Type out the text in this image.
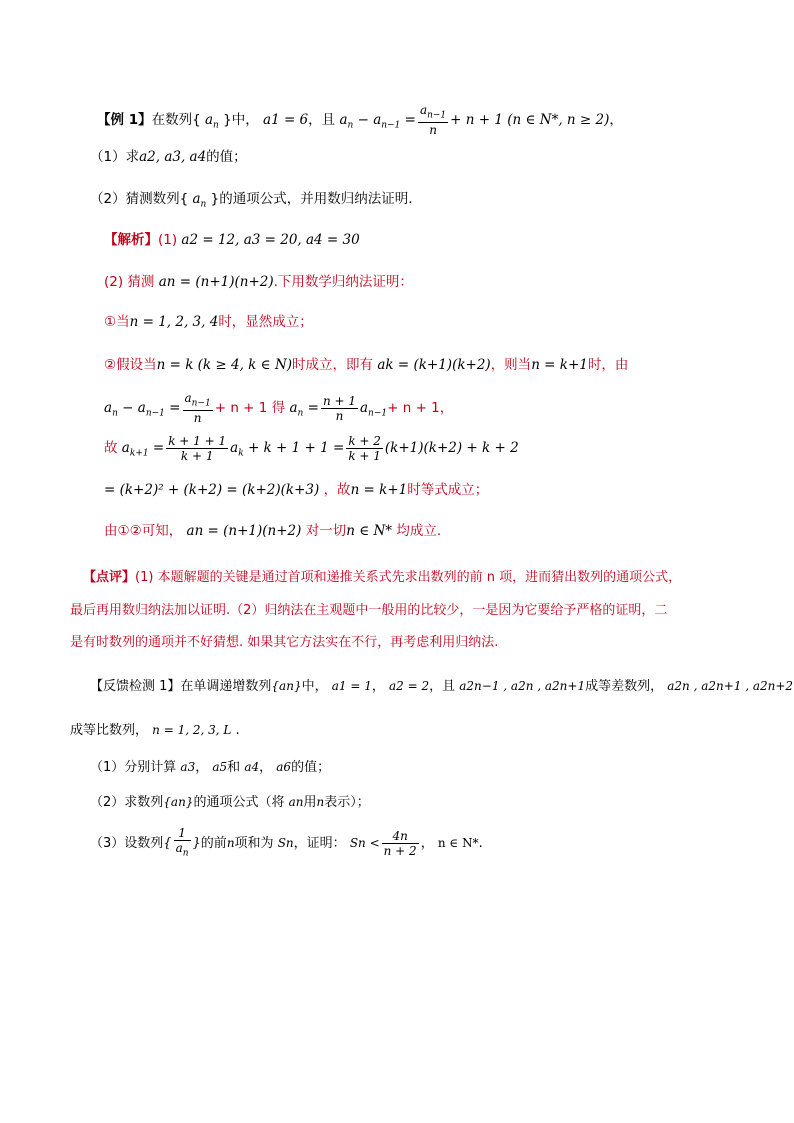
【例 1】在数列{ $a_n$ }中， a1 = 6，且 $a_n - a_{n-1} = \frac{a_{n-1}}{n} + n + 1$ (n ∈ N*, n ≥ 2)，
（1）求a2, a3, a4的值；
（2）猜测数列{ $a_n$ }的通项公式，并用数归纳法证明.
【解析】(1) a2 = 12, a3 = 20, a4 = 30
(2) 猜测 an = (n+1)(n+2).下用数学归纳法证明：
①当n = 1, 2, 3, 4时，显然成立；
②假设当n = k (k ≥ 4, k ∈ N)时成立，即有 ak = (k+1)(k+2)，则当n = k+1时，由
$a_n - a_{n-1} = \frac{a_{n-1}}{n} + n + 1$ 得 $a_n = \frac{n + 1}{n} a_{n-1}+ n + 1$，
故 $a_{k+1} = \frac{k + 1 + 1}{k + 1} a_k + k + 1 + 1 = \frac{k + 2}{k + 1} (k+1)(k+2) + k + 2$
= (k+2)² + (k+2) = (k+2)(k+3) ，故n = k+1时等式成立；
由①②可知， an = (n+1)(n+2) 对一切n ∈ N* 均成立.
【点评】(1) 本题解题的关键是通过首项和递推关系式先求出数列的前 n 项，进而猜出数列的通项公式，
最后再用数归纳法加以证明.（2）归纳法在主观题中一般用的比较少，一是因为它要给予严格的证明，二
是有时数列的通项并不好猜想. 如果其它方法实在不行，再考虑利用归纳法.
【反馈检测 1】在单调递增数列{an}中， a1 = 1， a2 = 2，且 a2n−1 , a2n , a2n+1成等差数列， a2n , a2n+1 , a2n+2
成等比数列， n = 1, 2, 3, L .
（1）分别计算 a3， a5和 a4， a6的值；
（2）求数列{an}的通项公式（将 an用n表示）；
（3）设数列{ $\frac{1}{a_n}$ }的前n项和为 Sn，证明： $Sn < \frac{4n}{n + 2}$ ， n ∈ N*.
